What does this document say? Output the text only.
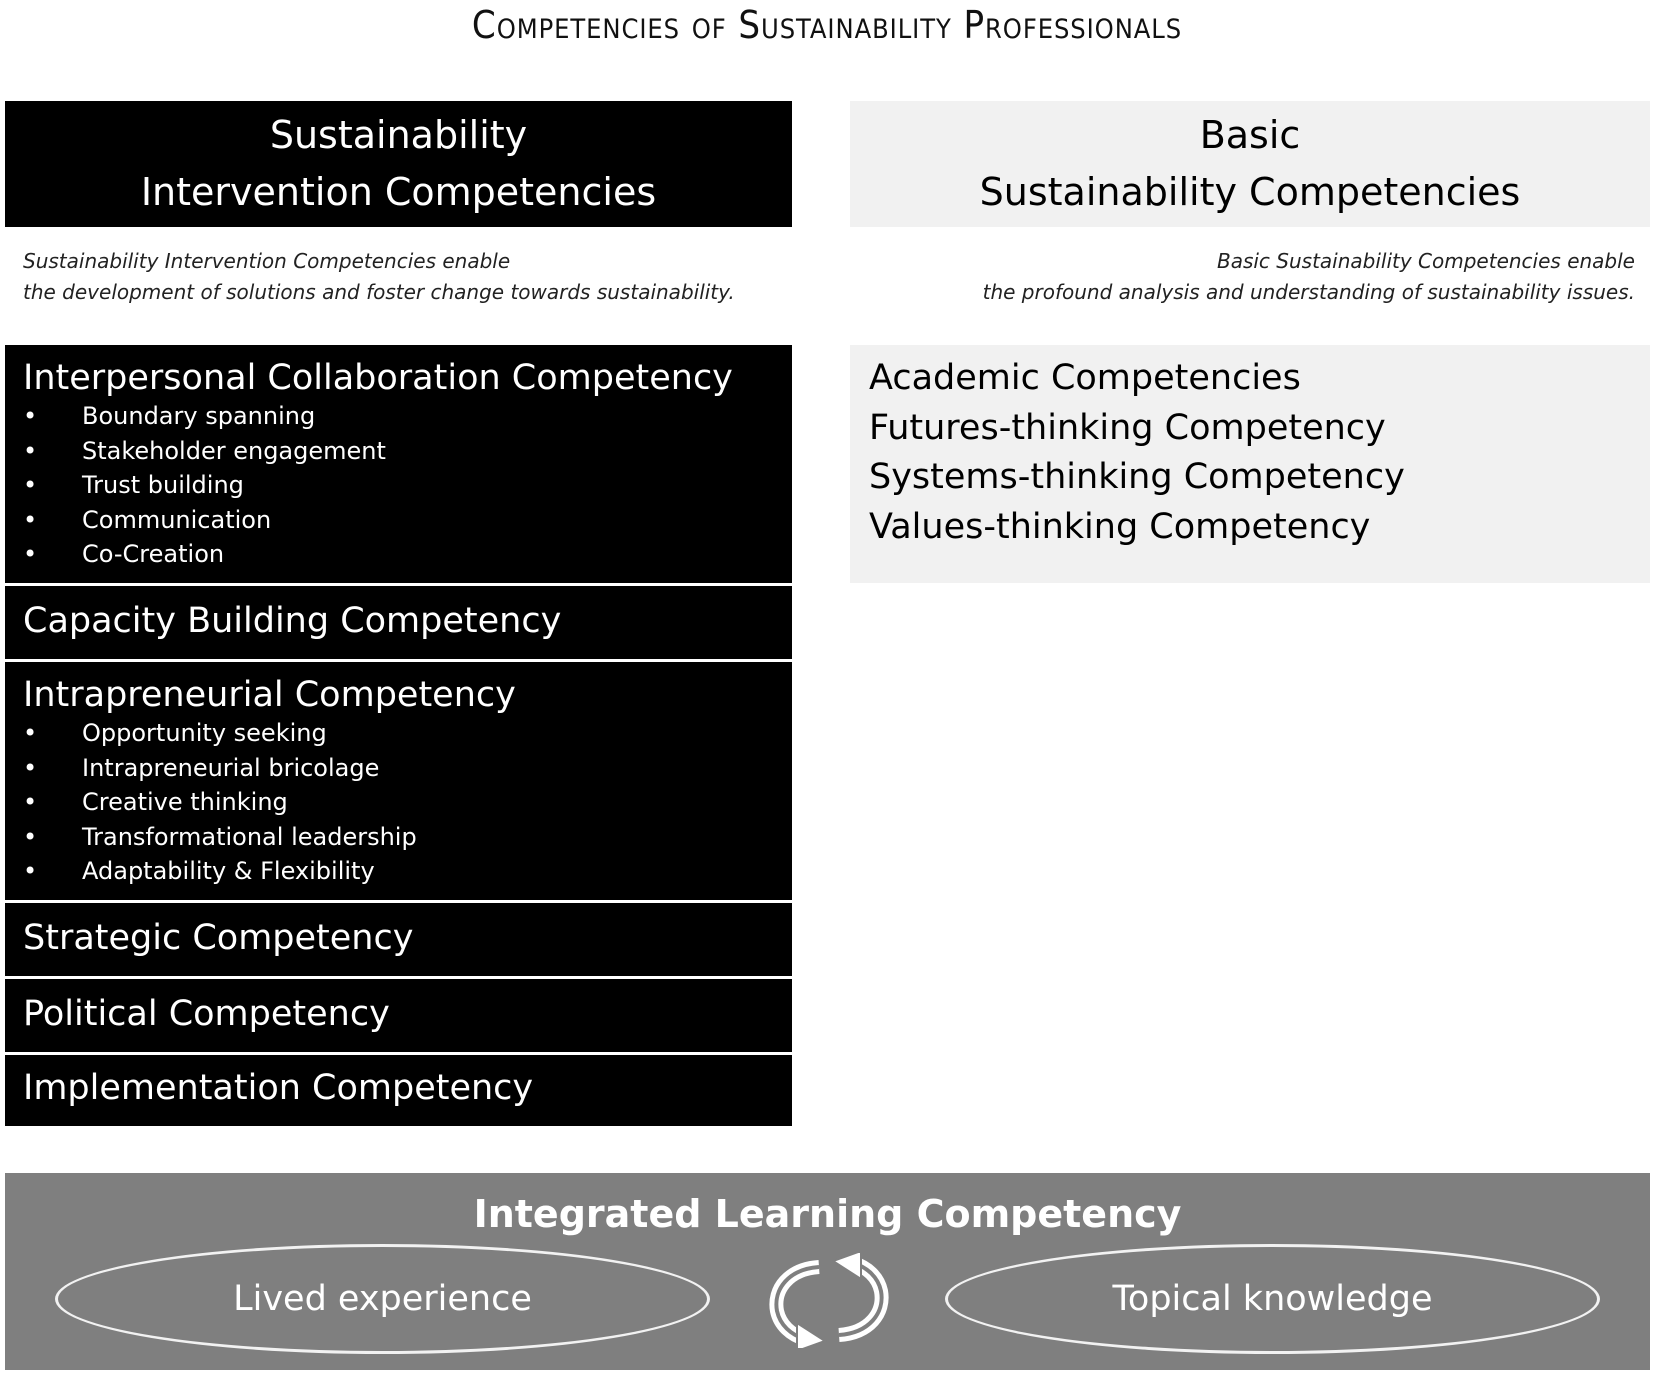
Competencies of Sustainability Professionals
Sustainability
Intervention Competencies
Basic
Sustainability Competencies
Sustainability Intervention Competencies enable
the development of solutions and foster change towards sustainability.
Basic Sustainability Competencies enable
the profound analysis and understanding of sustainability issues.
Interpersonal Collaboration Competency
• Boundary spanning
• Stakeholder engagement
• Trust building
• Communication
• Co-Creation
Capacity Building Competency
Intrapreneurial Competency
• Opportunity seeking
• Intrapreneurial bricolage
• Creative thinking
• Transformational leadership
• Adaptability & Flexibility
Strategic Competency
Political Competency
Implementation Competency
Academic Competencies
Futures-thinking Competency
Systems-thinking Competency
Values-thinking Competency
Integrated Learning Competency
Lived experience	Topical knowledge
